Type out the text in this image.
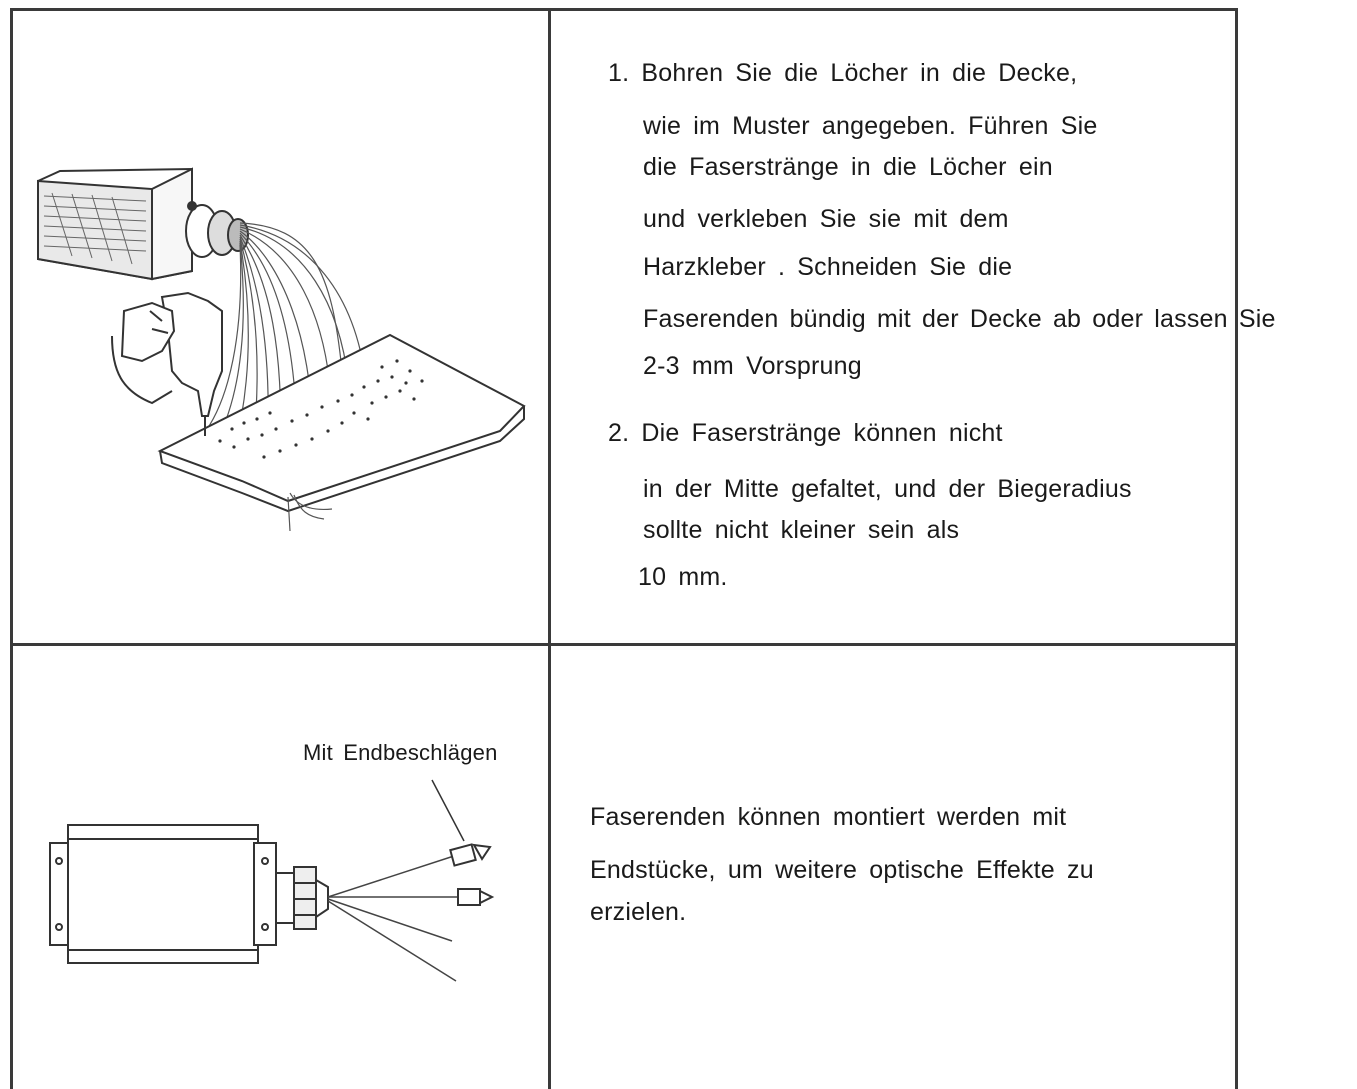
1. Bohren Sie die Löcher in die Decke,
wie im Muster angegeben. Führen Sie
die Faserstränge in die Löcher ein
und verkleben Sie sie mit dem
Harzkleber . Schneiden Sie die
Faserenden bündig mit der Decke ab oder lassen Sie
2-3 mm Vorsprung
2. Die Faserstränge können nicht
in der Mitte gefaltet, und der Biegeradius
sollte nicht kleiner sein als
10 mm.
Mit Endbeschlägen
Faserenden können montiert werden mit
Endstücke, um weitere optische Effekte zu
erzielen.
